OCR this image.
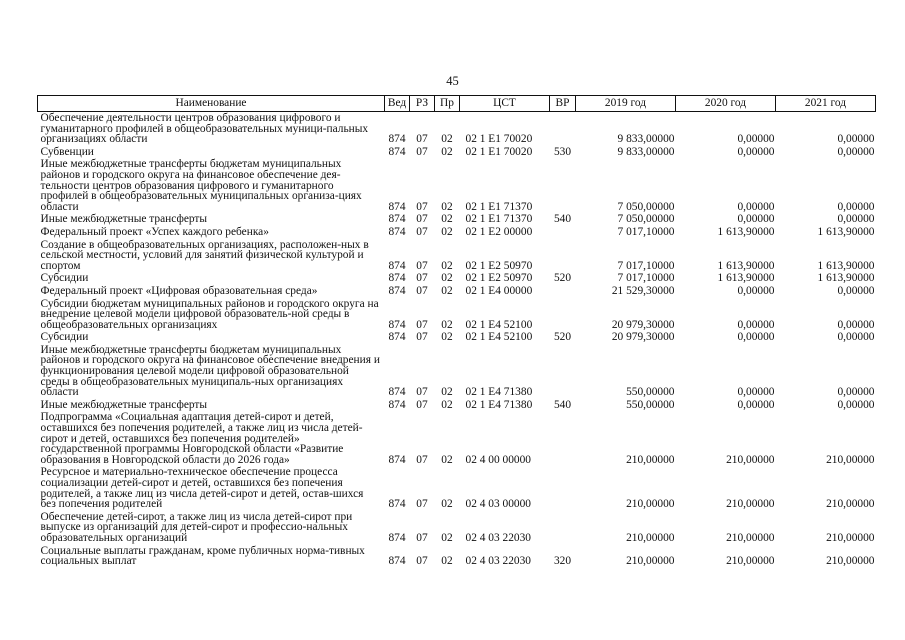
45
Наименование	Вед	РЗ	Пр	ЦСТ	ВР	2019 год	2020 год	2021 год
Обеспечение деятельности центров образования цифрового и гуманитарного профилей в общеобразовательных муници-пальных организациях области	874	07	02	02 1 E1 70020		9 833,00000	0,00000	0,00000
Субвенции	874	07	02	02 1 E1 70020	530	9 833,00000	0,00000	0,00000
Иные межбюджетные трансферты бюджетам муниципальных районов и городского округа на финансовое обеспечение дея-тельности центров образования цифрового и гуманитарного профилей в общеобразовательных муниципальных организа-циях области	874	07	02	02 1 E1 71370		7 050,00000	0,00000	0,00000
Иные межбюджетные трансферты	874	07	02	02 1 E1 71370	540	7 050,00000	0,00000	0,00000
Федеральный проект «Успех каждого ребенка»	874	07	02	02 1 E2 00000		7 017,10000	1 613,90000	1 613,90000
Создание в общеобразовательных организациях, расположен-ных в сельской местности, условий для занятий физической культурой и спортом	874	07	02	02 1 E2 50970		7 017,10000	1 613,90000	1 613,90000
Субсидии	874	07	02	02 1 E2 50970	520	7 017,10000	1 613,90000	1 613,90000
Федеральный проект «Цифровая образовательная среда»	874	07	02	02 1 E4 00000		21 529,30000	0,00000	0,00000
Субсидии бюджетам муниципальных районов и городского округа на внедрение целевой модели цифровой образователь-ной среды в общеобразовательных организациях	874	07	02	02 1 E4 52100		20 979,30000	0,00000	0,00000
Субсидии	874	07	02	02 1 E4 52100	520	20 979,30000	0,00000	0,00000
Иные межбюджетные трансферты бюджетам муниципальных районов и городского округа на финансовое обеспечение внедрения и функционирования целевой модели цифровой образовательной среды в общеобразовательных муниципаль-ных организациях области	874	07	02	02 1 E4 71380		550,00000	0,00000	0,00000
Иные межбюджетные трансферты	874	07	02	02 1 E4 71380	540	550,00000	0,00000	0,00000
Подпрограмма «Социальная адаптация детей-сирот и детей, оставшихся без попечения родителей, а также лиц из числа детей-сирот и детей, оставшихся без попечения родителей» государственной программы Новгородской области «Развитие образования в Новгородской области до 2026 года»	874	07	02	02 4 00 00000		210,00000	210,00000	210,00000
Ресурсное и материально-техническое обеспечение процесса социализации детей-сирот и детей, оставшихся без попечения родителей, а также лиц из числа детей-сирот и детей, остав-шихся без попечения родителей	874	07	02	02 4 03 00000		210,00000	210,00000	210,00000
Обеспечение детей-сирот, а также лиц из числа детей-сирот при выпуске из организаций для детей-сирот и профессио-нальных образовательных организаций	874	07	02	02 4 03 22030		210,00000	210,00000	210,00000
Социальные выплаты гражданам, кроме публичных норма-тивных социальных выплат	874	07	02	02 4 03 22030	320	210,00000	210,00000	210,00000
